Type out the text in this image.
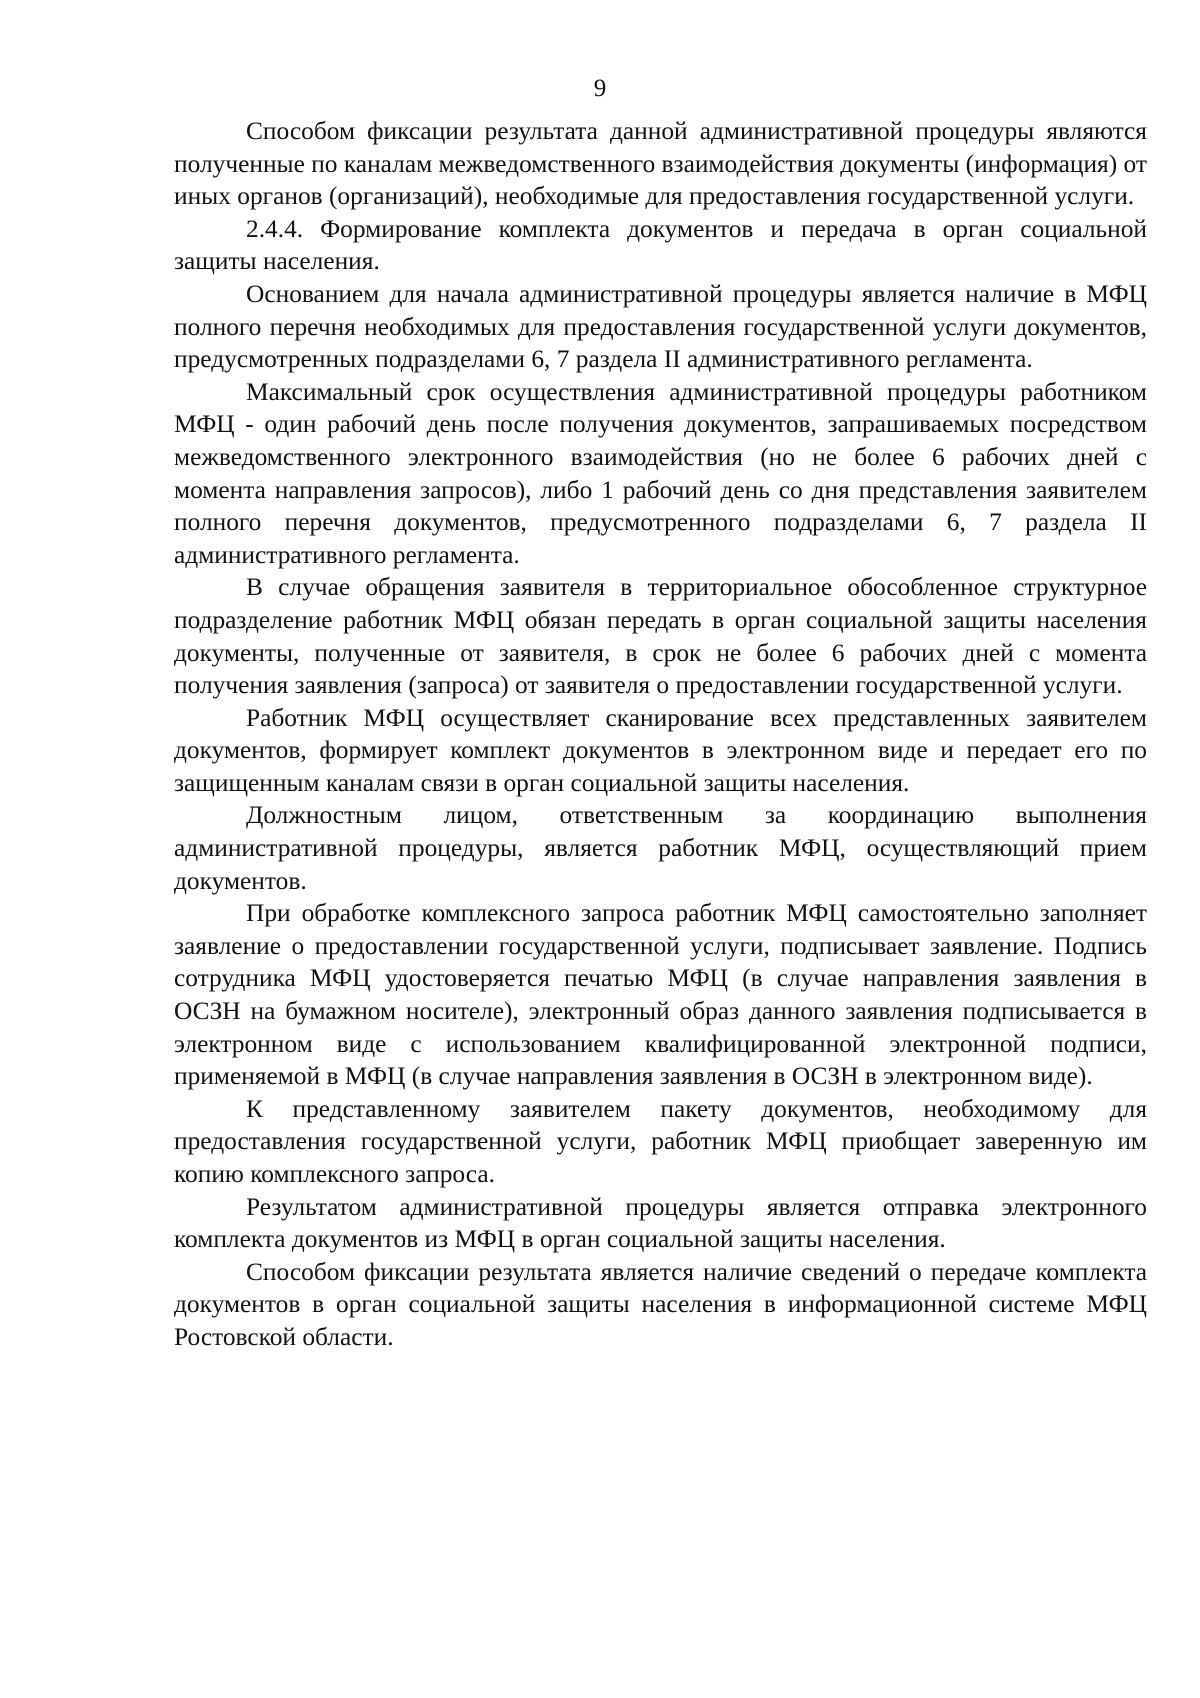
9

Способом фиксации результата данной административной процедуры являются полученные по каналам межведомственного взаимодействия документы (информация) от иных органов (организаций), необходимые для предоставления государственной услуги.

2.4.4. Формирование комплекта документов и передача в орган социальной защиты населения.

Основанием для начала административной процедуры является наличие в МФЦ полного перечня необходимых для предоставления государственной услуги документов, предусмотренных подразделами 6, 7 раздела II административного регламента.

Максимальный срок осуществления административной процедуры работником МФЦ - один рабочий день после получения документов, запрашиваемых посредством межведомственного электронного взаимодействия (но не более 6 рабочих дней с момента направления запросов), либо 1 рабочий день со дня представления заявителем полного перечня документов, предусмотренного подразделами 6, 7 раздела II административного регламента.

В случае обращения заявителя в территориальное обособленное структурное подразделение работник МФЦ обязан передать в орган социальной защиты населения документы, полученные от заявителя, в срок не более 6 рабочих дней с момента получения заявления (запроса) от заявителя о предоставлении государственной услуги.

Работник МФЦ осуществляет сканирование всех представленных заявителем документов, формирует комплект документов в электронном виде и передает его по защищенным каналам связи в орган социальной защиты населения.

Должностным лицом, ответственным за координацию выполнения административной процедуры, является работник МФЦ, осуществляющий прием документов.

При обработке комплексного запроса работник МФЦ самостоятельно заполняет заявление о предоставлении государственной услуги, подписывает заявление. Подпись сотрудника МФЦ удостоверяется печатью МФЦ (в случае направления заявления в ОСЗН на бумажном носителе), электронный образ данного заявления подписывается в электронном виде с использованием квалифицированной электронной подписи, применяемой в МФЦ (в случае направления заявления в ОСЗН в электронном виде).

К представленному заявителем пакету документов, необходимому для предоставления государственной услуги, работник МФЦ приобщает заверенную им копию комплексного запроса.

Результатом административной процедуры является отправка электронного комплекта документов из МФЦ в орган социальной защиты населения.

Способом фиксации результата является наличие сведений о передаче комплекта документов в орган социальной защиты населения в информационной системе МФЦ Ростовской области.
